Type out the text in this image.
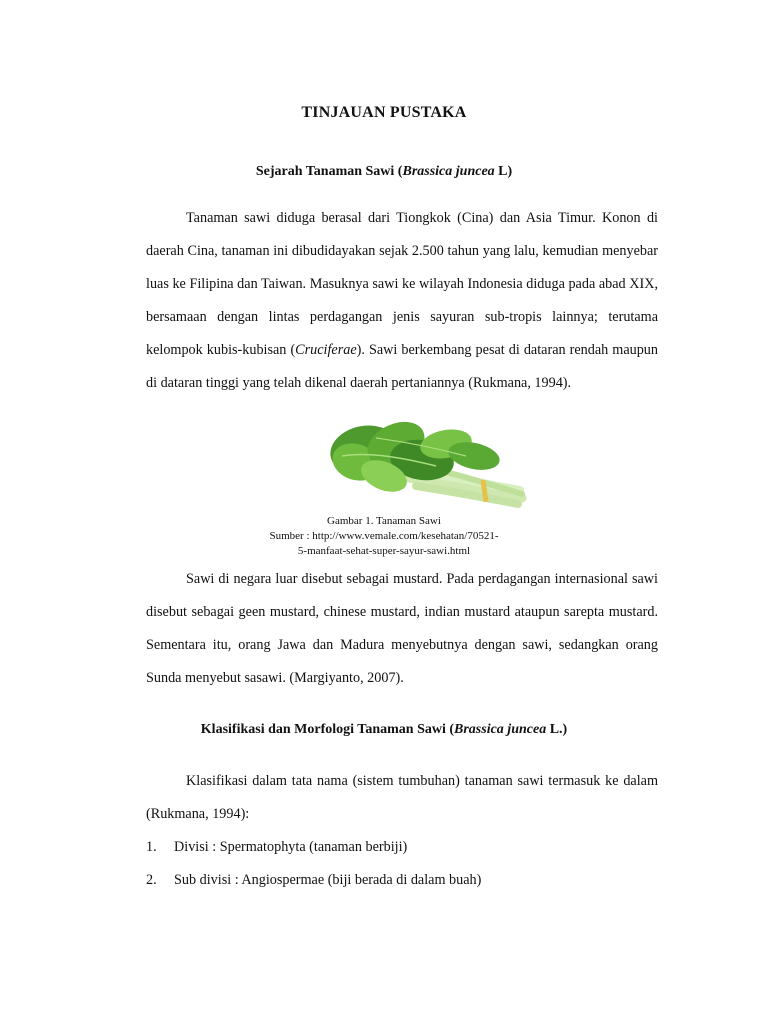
TINJAUAN PUSTAKA
Sejarah Tanaman Sawi (Brassica juncea L)

Tanaman sawi diduga berasal dari Tiongkok (Cina) dan Asia Timur. Konon di daerah Cina, tanaman ini dibudidayakan sejak 2.500 tahun yang lalu, kemudian menyebar luas ke Filipina dan Taiwan. Masuknya sawi ke wilayah Indonesia diduga pada abad XIX, bersamaan dengan lintas perdagangan jenis sayuran sub-tropis lainnya; terutama kelompok kubis-kubisan (Cruciferae). Sawi berkembang pesat di dataran rendah maupun di dataran tinggi yang telah dikenal daerah pertaniannya (Rukmana, 1994).

Gambar 1. Tanaman Sawi
Sumber : http://www.vemale.com/kesehatan/70521-
5-manfaat-sehat-super-sayur-sawi.html

Sawi di negara luar disebut sebagai mustard. Pada perdagangan internasional sawi disebut sebagai geen mustard, chinese mustard, indian mustard ataupun sarepta mustard. Sementara itu, orang Jawa dan Madura menyebutnya dengan sawi, sedangkan orang Sunda menyebut sasawi. (Margiyanto, 2007).

Klasifikasi dan Morfologi Tanaman Sawi (Brassica juncea L.)

Klasifikasi dalam tata nama (sistem tumbuhan) tanaman sawi termasuk ke dalam (Rukmana, 1994):

1.	Divisi : Spermatophyta (tanaman berbiji)
2.	Sub divisi : Angiospermae (biji berada di dalam buah)
